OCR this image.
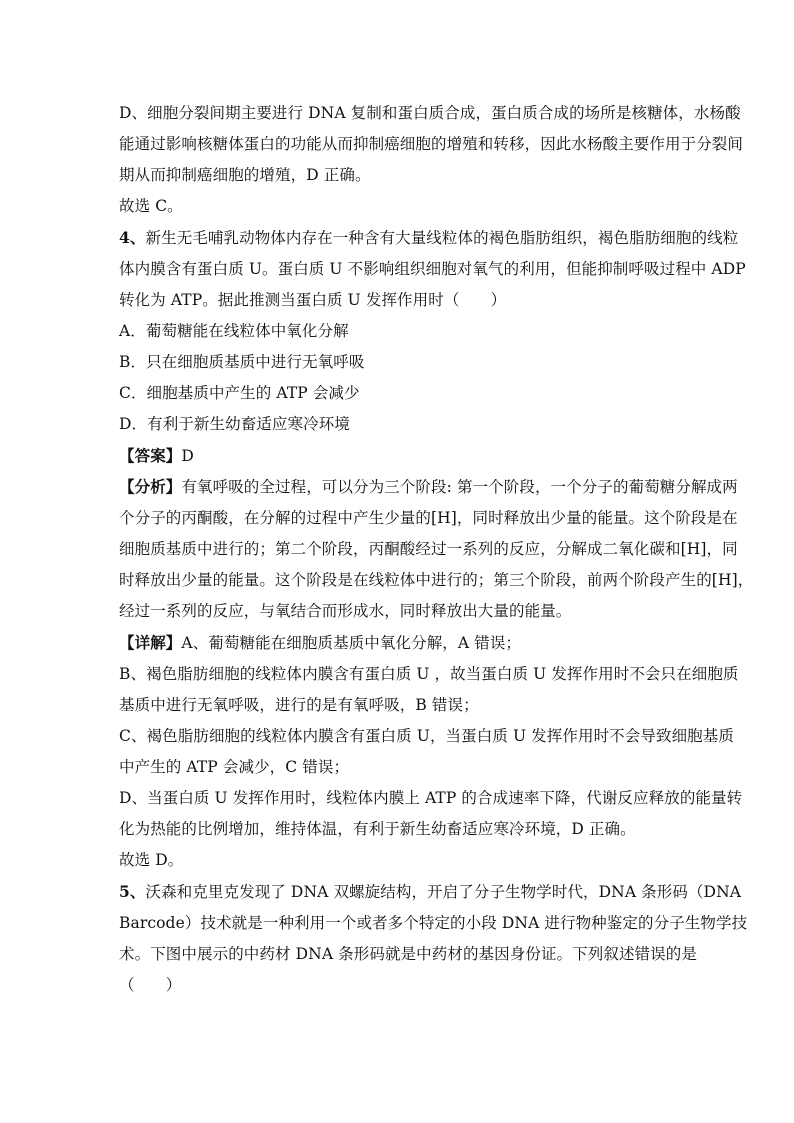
D、细胞分裂间期主要进行 DNA 复制和蛋白质合成，蛋白质合成的场所是核糖体，水杨酸
能通过影响核糖体蛋白的功能从而抑制癌细胞的增殖和转移，因此水杨酸主要作用于分裂间
期从而抑制癌细胞的增殖，D 正确。
故选 C。
4、新生无毛哺乳动物体内存在一种含有大量线粒体的褐色脂肪组织，褐色脂肪细胞的线粒
体内膜含有蛋白质 U。蛋白质 U 不影响组织细胞对氧气的利用，但能抑制呼吸过程中 ADP
转化为 ATP。据此推测当蛋白质 U 发挥作用时（　　）
A．葡萄糖能在线粒体中氧化分解
B．只在细胞质基质中进行无氧呼吸
C．细胞基质中产生的 ATP 会减少
D．有利于新生幼畜适应寒冷环境
【答案】D
【分析】有氧呼吸的全过程，可以分为三个阶段: 第一个阶段，一个分子的葡萄糖分解成两
个分子的丙酮酸，在分解的过程中产生少量的[H]，同时释放出少量的能量。这个阶段是在
细胞质基质中进行的；第二个阶段，丙酮酸经过一系列的反应，分解成二氧化碳和[H]，同
时释放出少量的能量。这个阶段是在线粒体中进行的；第三个阶段，前两个阶段产生的[H]，
经过一系列的反应，与氧结合而形成水，同时释放出大量的能量。
【详解】A、葡萄糖能在细胞质基质中氧化分解，A 错误；
B、褐色脂肪细胞的线粒体内膜含有蛋白质 U ，故当蛋白质 U 发挥作用时不会只在细胞质
基质中进行无氧呼吸，进行的是有氧呼吸，B 错误；
C、褐色脂肪细胞的线粒体内膜含有蛋白质 U，当蛋白质 U 发挥作用时不会导致细胞基质
中产生的 ATP 会减少，C 错误；
D、当蛋白质 U 发挥作用时，线粒体内膜上 ATP 的合成速率下降，代谢反应释放的能量转
化为热能的比例增加，维持体温，有利于新生幼畜适应寒冷环境，D 正确。
故选 D。
5、沃森和克里克发现了 DNA 双螺旋结构，开启了分子生物学时代，DNA 条形码（DNA
Barcode）技术就是一种利用一个或者多个特定的小段 DNA 进行物种鉴定的分子生物学技
术。下图中展示的中药材 DNA 条形码就是中药材的基因身份证。下列叙述错误的是
（　　）
